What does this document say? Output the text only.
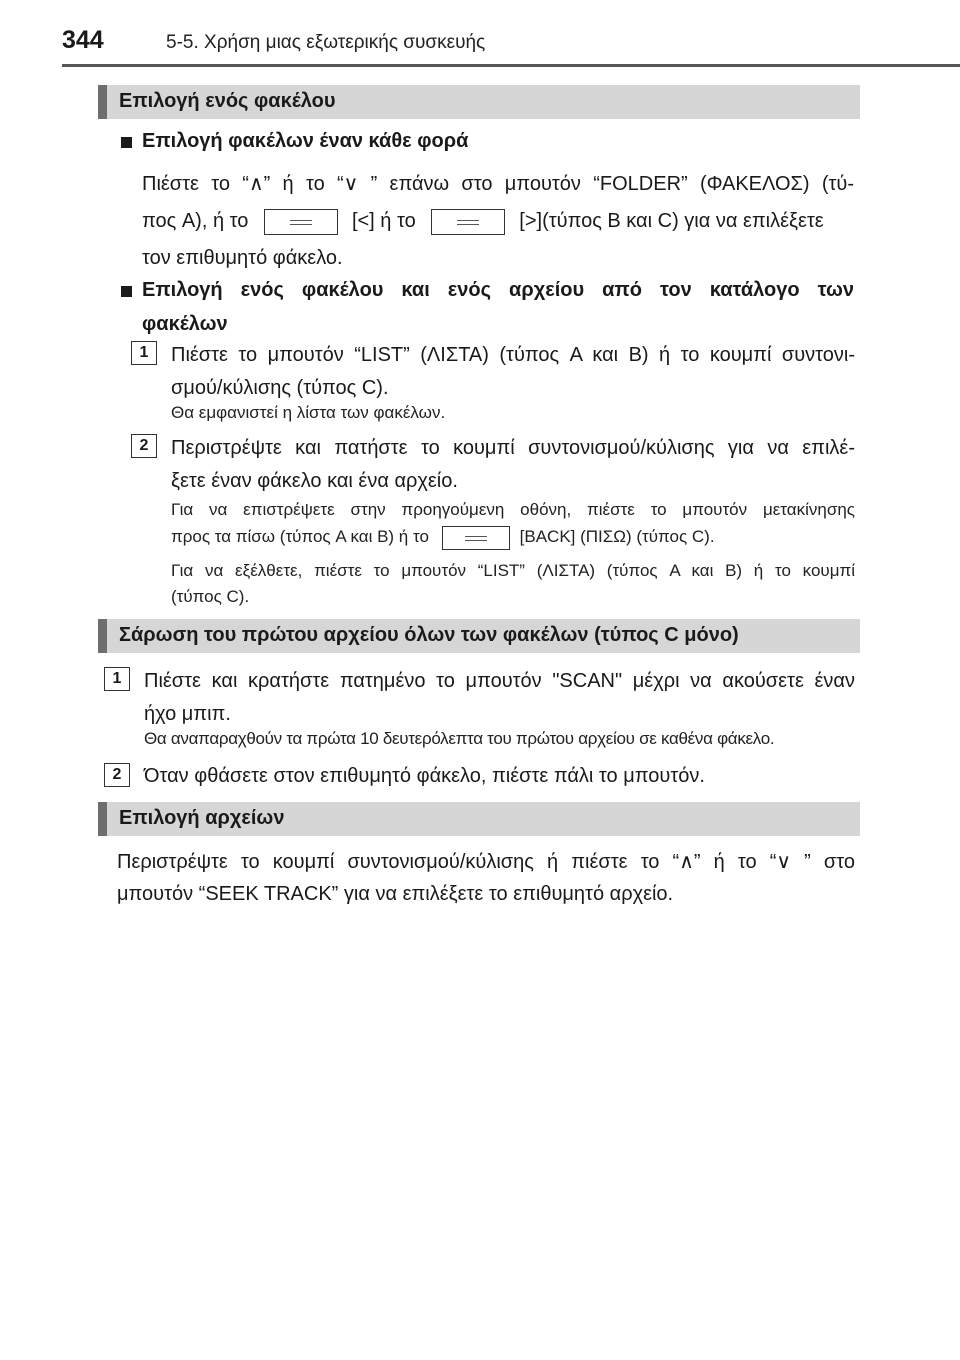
344	5-5. Χρήση μιας εξωτερικής συσκευής
Επιλογή ενός φακέλου
Επιλογή φακέλων έναν κάθε φορά
Πιέστε το “∧” ή το “∨ ” επάνω στο μπουτόν “FOLDER” (ΦΑΚΕΛΟΣ) (τύ-
πος A), ή το	[<] ή το	[>](τύπος B και C) για να επιλέξετε
τον επιθυμητό φάκελο.
Επιλογή ενός φακέλου και ενός αρχείου από τον κατάλογο των
φακέλων
1	Πιέστε το μπουτόν “LIST” (ΛΙΣΤΑ) (τύπος A και B) ή το κουμπί συντονι-
σμού/κύλισης (τύπος C).
Θα εμφανιστεί η λίστα των φακέλων.
2	Περιστρέψτε και πατήστε το κουμπί συντονισμού/κύλισης για να επιλέ-
ξετε έναν φάκελο και ένα αρχείο.
Για να επιστρέψετε στην προηγούμενη οθόνη, πιέστε το μπουτόν μετακίνησης
προς τα πίσω (τύπος A και B) ή το	[BACK] (ΠΙΣΩ) (τύπος C).
Για να εξέλθετε, πιέστε το μπουτόν “LIST” (ΛΙΣΤΑ) (τύπος A και B) ή το κουμπί
(τύπος C).
Σάρωση του πρώτου αρχείου όλων των φακέλων (τύπος C μόνο)
1	Πιέστε και κρατήστε πατημένο το μπουτόν "SCAN" μέχρι να ακούσετε έναν
ήχο μπιπ.
Θα αναπαραχθούν τα πρώτα 10 δευτερόλεπτα του πρώτου αρχείου σε καθένα φάκελο.
2	Όταν φθάσετε στον επιθυμητό φάκελο, πιέστε πάλι το μπουτόν.
Επιλογή αρχείων
Περιστρέψτε το κουμπί συντονισμού/κύλισης ή πιέστε το “∧” ή το “∨ ” στο
μπουτόν “SEEK TRACK” για να επιλέξετε το επιθυμητό αρχείο.
